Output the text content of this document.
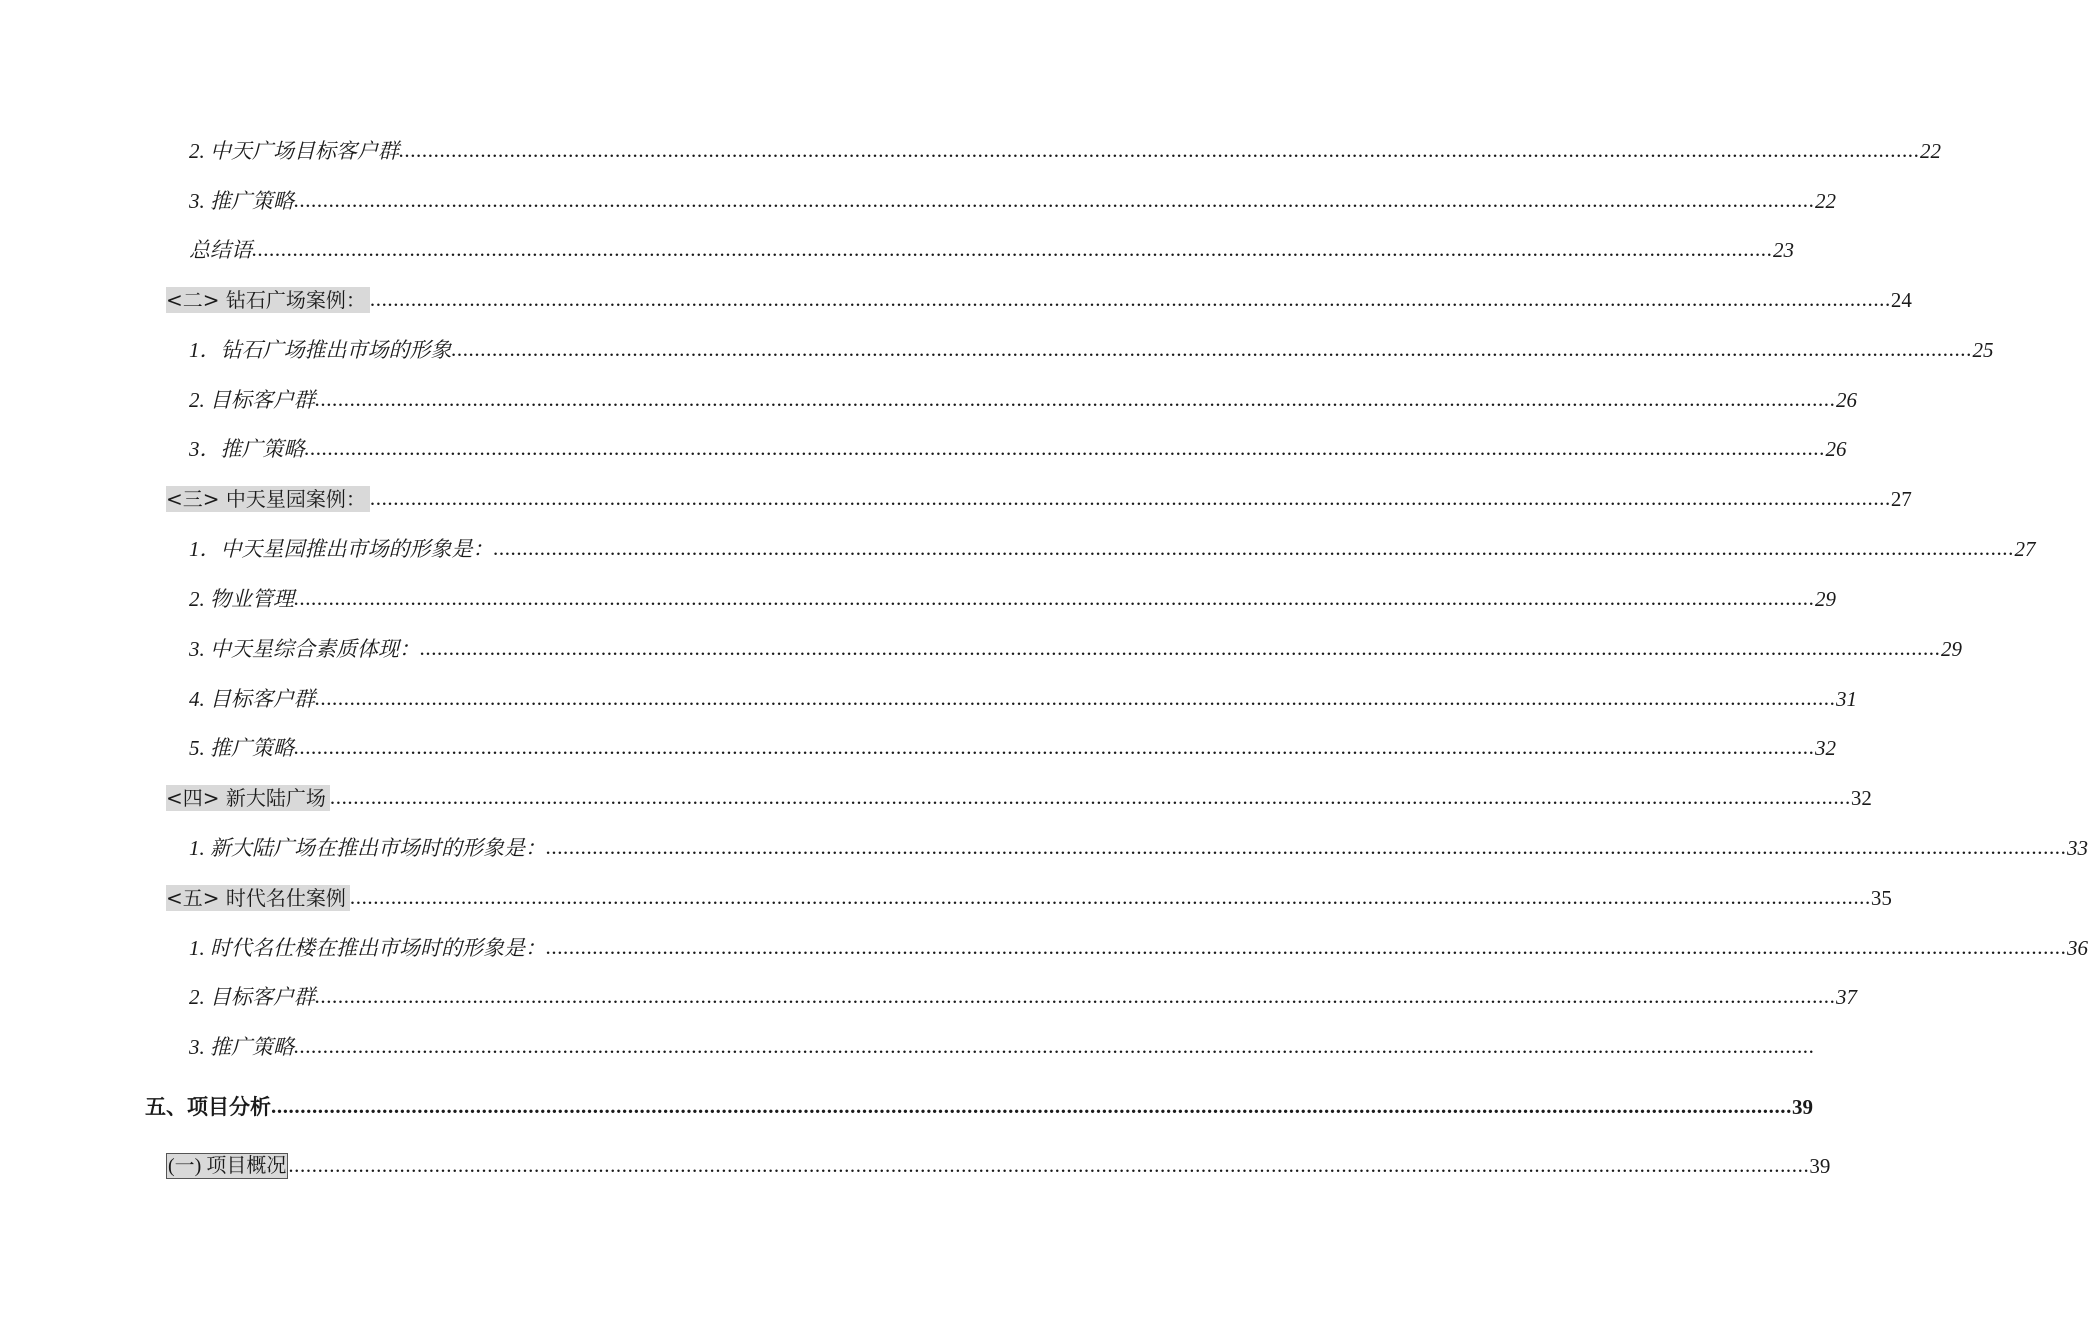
2. 中天广场目标客户群 .................................................................................................................................................................................................................................................................... 22
3. 推广策略 .................................................................................................................................................................................................................................................................... 22
总结语 .................................................................................................................................................................................................................................................................... 23
<二> 钻石广场案例： .................................................................................................................................................................................................................................................................... 24
1．钻石广场推出市场的形象 .................................................................................................................................................................................................................................................................... 25
2. 目标客户群 .................................................................................................................................................................................................................................................................... 26
3．推广策略 .................................................................................................................................................................................................................................................................... 26
<三> 中天星园案例： .................................................................................................................................................................................................................................................................... 27
1．中天星园推出市场的形象是： .................................................................................................................................................................................................................................................................... 27
2. 物业管理 .................................................................................................................................................................................................................................................................... 29
3. 中天星综合素质体现： .................................................................................................................................................................................................................................................................... 29
4. 目标客户群 .................................................................................................................................................................................................................................................................... 31
5. 推广策略 .................................................................................................................................................................................................................................................................... 32
<四> 新大陆广场 .................................................................................................................................................................................................................................................................... 32
1. 新大陆广场在推出市场时的形象是： .................................................................................................................................................................................................................................................................... 33
<五> 时代名仕案例 .................................................................................................................................................................................................................................................................... 35
1. 时代名仕楼在推出市场时的形象是： .................................................................................................................................................................................................................................................................... 36
2. 目标客户群 .................................................................................................................................................................................................................................................................... 37
3. 推广策略 ....................................................................................................................................................................................................................................................................
五、项目分析 .................................................................................................................................................................................................................................................................... 39
(一) 项目概况 .................................................................................................................................................................................................................................................................... 39
